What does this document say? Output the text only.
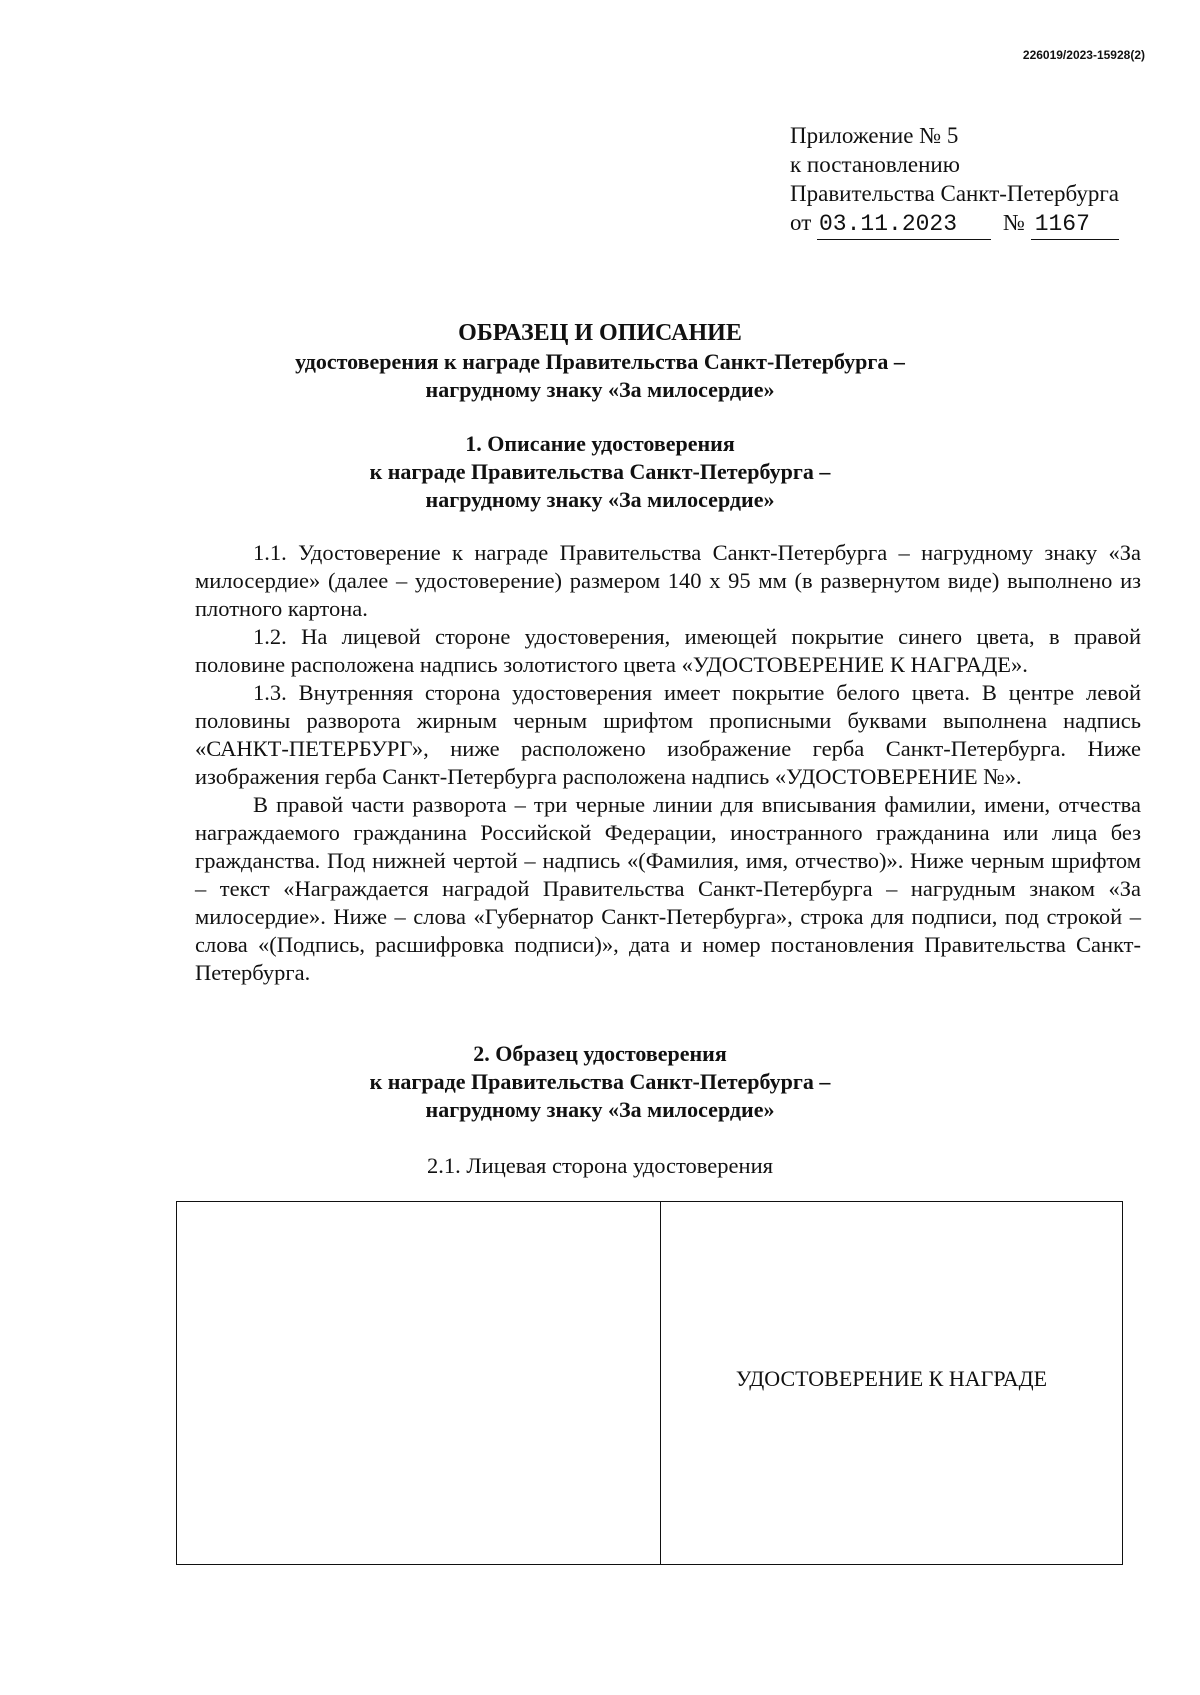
226019/2023-15928(2)
Приложение № 5
к постановлению
Правительства Санкт-Петербурга
от 03.11.2023 № 1167
ОБРАЗЕЦ И ОПИСАНИЕ
удостоверения к награде Правительства Санкт-Петербурга –
нагрудному знаку «За милосердие»
1. Описание удостоверения
к награде Правительства Санкт-Петербурга –
нагрудному знаку «За милосердие»

1.1. Удостоверение к награде Правительства Санкт-Петербурга – нагрудному знаку «За милосердие» (далее – удостоверение) размером 140 х 95 мм (в развернутом виде) выполнено из плотного картона.

1.2. На лицевой стороне удостоверения, имеющей покрытие синего цвета, в правой половине расположена надпись золотистого цвета «УДОСТОВЕРЕНИЕ К НАГРАДЕ».

1.3. Внутренняя сторона удостоверения имеет покрытие белого цвета. В центре левой половины разворота жирным черным шрифтом прописными буквами выполнена надпись «САНКТ-ПЕТЕРБУРГ», ниже расположено изображение герба Санкт-Петербурга. Ниже изображения герба Санкт-Петербурга расположена надпись «УДОСТОВЕРЕНИЕ №».

В правой части разворота – три черные линии для вписывания фамилии, имени, отчества награждаемого гражданина Российской Федерации, иностранного гражданина или лица без гражданства. Под нижней чертой – надпись «(Фамилия, имя, отчество)». Ниже черным шрифтом – текст «Награждается наградой Правительства Санкт-Петербурга – нагрудным знаком «За милосердие». Ниже – слова «Губернатор Санкт-Петербурга», строка для подписи, под строкой – слова «(Подпись, расшифровка подписи)», дата и номер постановления Правительства Санкт-Петербурга.

2. Образец удостоверения
к награде Правительства Санкт-Петербурга –
нагрудному знаку «За милосердие»
2.1. Лицевая сторона удостоверения
УДОСТОВЕРЕНИЕ К НАГРАДЕ
